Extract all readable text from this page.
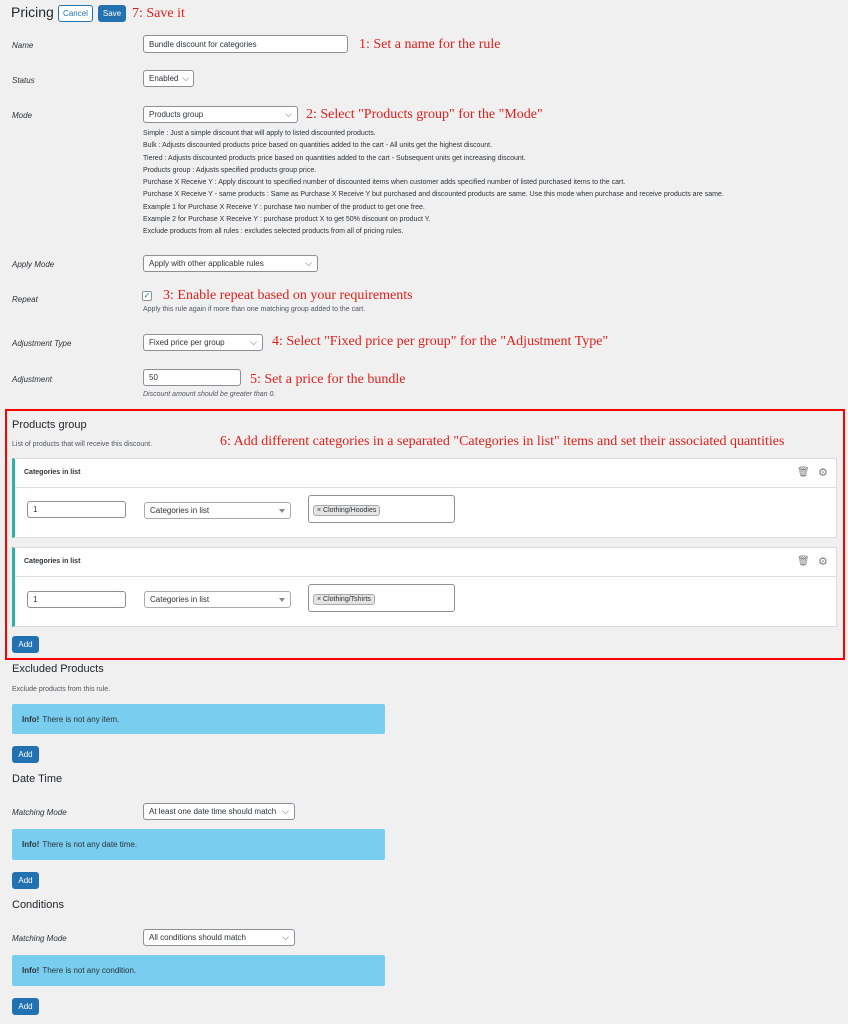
Pricing	Cancel	Save 7: Save it
Name	Bundle discount for categories	1: Set a name for the rule
Status	Enabled ⌵
Mode	Products group	⌵ 2: Select "Products group" for the "Mode"
Simple : Just a simple discount that will apply to listed discounted products.
Bulk : Adjusts discounted products price based on quantities added to the cart - All units get the highest discount.
Tiered : Adjusts discounted products price based on quantities added to the cart - Subsequent units get increasing discount.
Products group : Adjusts specified products group price.
Purchase X Receive Y : Apply discount to specified number of discounted items when customer adds specified number of listed purchased items to the cart.
Purchase X Receive Y - same products : Same as Purchase X Receive Y but purchased and discounted products are same. Use this mode when purchase and receive products are same.
Example 1 for Purchase X Receive Y : purchase two number of the product to get one free.
Example 2 for Purchase X Receive Y : purchase product X to get 50% discount on product Y.
Exclude products from all rules : excludes selected products from all of pricing rules.
Apply Mode	Apply with other applicable rules	⌵
Repeat	✓ 3: Enable repeat based on your requirements
Apply this rule again if more than one matching group added to the cart.
Adjustment Type	Fixed price per group	⌵ 4: Select "Fixed price per group" for the "Adjustment Type"
Adjustment	50	5: Set a price for the bundle
Discount amount should be greater than 0.
Products group
List of products that will receive this discount.	6: Add different categories in a separated "Categories in list" items and set their associated quantities
Categories in list	🗑 ⚙
1	Categories in list	× Clothing/Hoodies
Categories in list	🗑 ⚙
1	Categories in list	× Clothing/Tshirts
Add
Excluded Products
Exclude products from this rule.
Info! There is not any item.
Add
Date Time
Matching Mode	At least one date time should match ⌵
Info! There is not any date time.
Add
Conditions
Matching Mode	All conditions should match	⌵
Info! There is not any condition.
Add
